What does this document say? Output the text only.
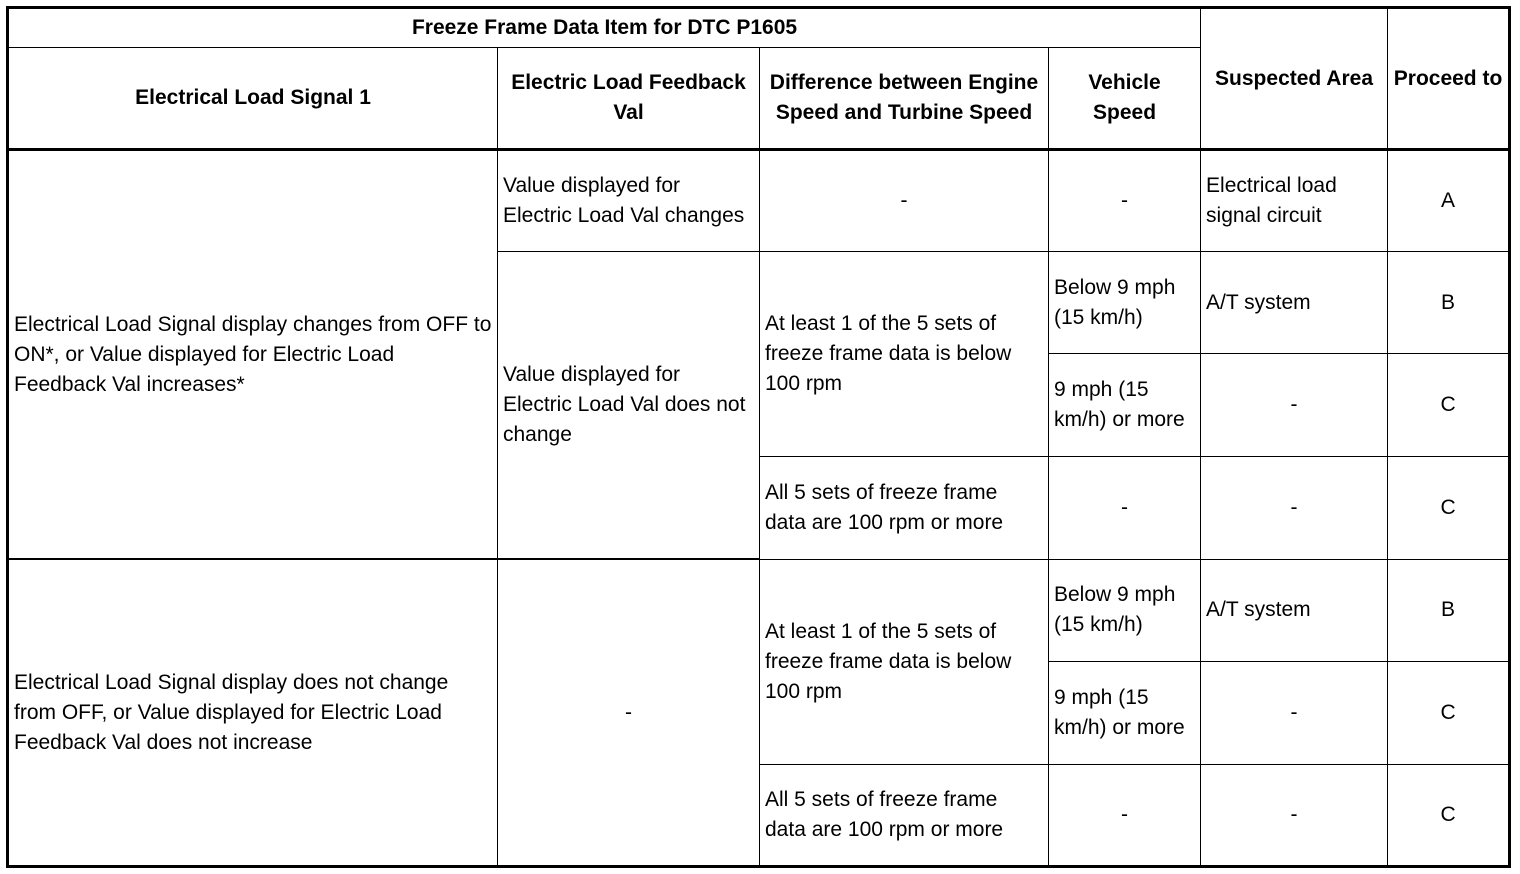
Freeze Frame Data Item for DTC P1605				Suspected Area	Proceed to
Electrical Load Signal 1	Electric Load Feedback Val	Difference between Engine Speed and Turbine Speed	Vehicle Speed		
Electrical Load Signal display changes from OFF to ON*, or Value displayed for Electric Load Feedback Val increases*	Value displayed for Electric Load Val changes	-	-	Electrical load signal circuit	A
	Value displayed for Electric Load Val does not change	At least 1 of the 5 sets of freeze frame data is below 100 rpm	Below 9 mph (15 km/h)	A/T system	B
			9 mph (15 km/h) or more	-	C
		All 5 sets of freeze frame data are 100 rpm or more	-	-	C
Electrical Load Signal display does not change from OFF, or Value displayed for Electric Load Feedback Val does not increase	-	At least 1 of the 5 sets of freeze frame data is below 100 rpm	Below 9 mph (15 km/h)	A/T system	B
			9 mph (15 km/h) or more	-	C
		All 5 sets of freeze frame data are 100 rpm or more	-	-	C
